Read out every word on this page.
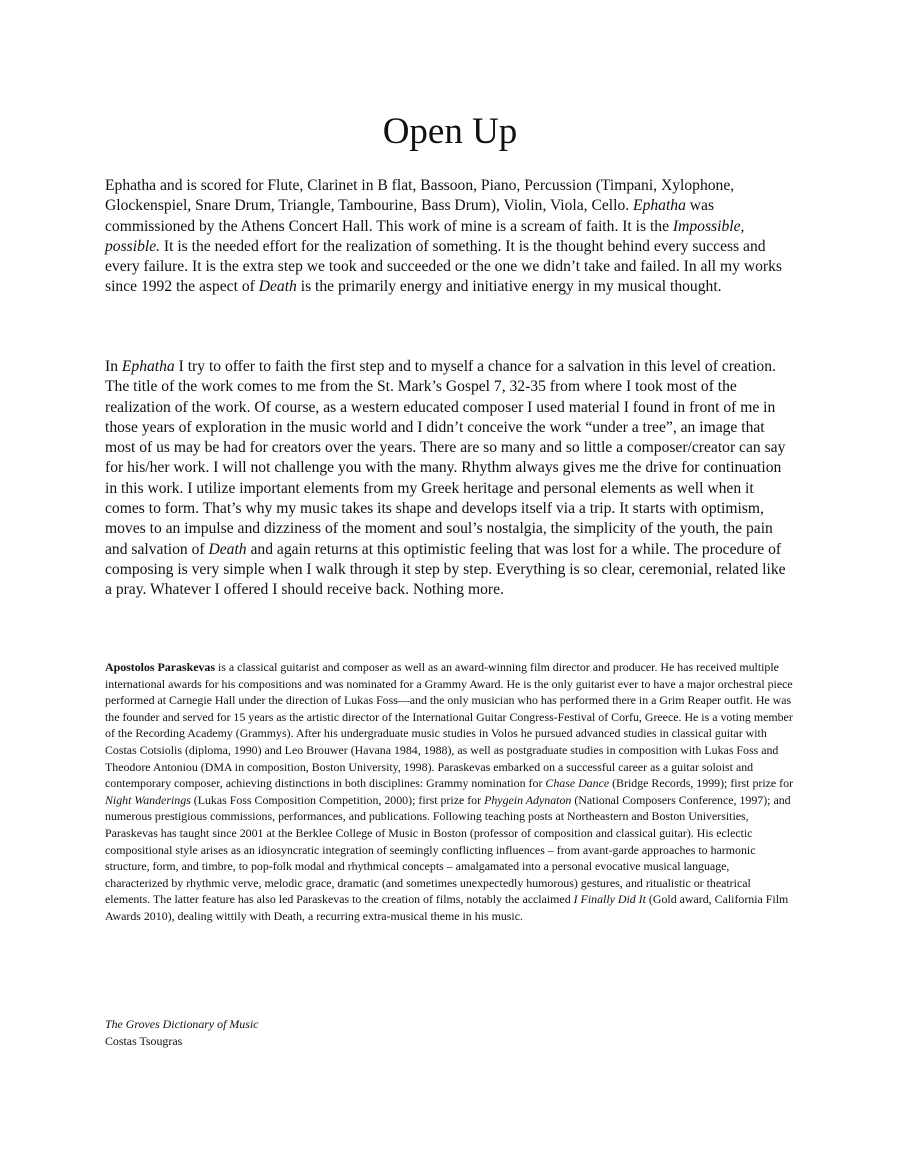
Open Up

Ephatha and is scored for Flute, Clarinet in B flat, Bassoon, Piano, Percussion (Timpani, Xylophone, Glockenspiel, Snare Drum, Triangle, Tambourine, Bass Drum), Violin, Viola, Cello. Ephatha was commissioned by the Athens Concert Hall. This work of mine is a scream of faith. It is the Impossible, possible. It is the needed effort for the realization of something. It is the thought behind every success and every failure. It is the extra step we took and succeeded or the one we didn’t take and failed. In all my works since 1992 the aspect of Death is the primarily energy and initiative energy in my musical thought.

In Ephatha I try to offer to faith the first step and to myself a chance for a salvation in this level of creation. The title of the work comes to me from the St. Mark’s Gospel 7, 32-35 from where I took most of the realization of the work. Of course, as a western educated composer I used material I found in front of me in those years of exploration in the music world and I didn’t conceive the work “under a tree”, an image that most of us may be had for creators over the years. There are so many and so little a composer/creator can say for his/her work. I will not challenge you with the many. Rhythm always gives me the drive for continuation in this work. I utilize important elements from my Greek heritage and personal elements as well when it comes to form. That’s why my music takes its shape and develops itself via a trip. It starts with optimism, moves to an impulse and dizziness of the moment and soul’s nostalgia, the simplicity of the youth, the pain and salvation of Death and again returns at this optimistic feeling that was lost for a while. The procedure of composing is very simple when I walk through it step by step. Everything is so clear, ceremonial, related like a pray. Whatever I offered I should receive back. Nothing more.

Apostolos Paraskevas is a classical guitarist and composer as well as an award-winning film director and producer. He has received multiple international awards for his compositions and was nominated for a Grammy Award. He is the only guitarist ever to have a major orchestral piece performed at Carnegie Hall under the direction of Lukas Foss—and the only musician who has performed there in a Grim Reaper outfit. He was the founder and served for 15 years as the artistic director of the International Guitar Congress-Festival of Corfu, Greece. He is a voting member of the Recording Academy (Grammys). After his undergraduate music studies in Volos he pursued advanced studies in classical guitar with Costas Cotsiolis (diploma, 1990) and Leo Brouwer (Havana 1984, 1988), as well as postgraduate studies in composition with Lukas Foss and Theodore Antoniou (DMA in composition, Boston University, 1998). Paraskevas embarked on a successful career as a guitar soloist and contemporary composer, achieving distinctions in both disciplines: Grammy nomination for Chase Dance (Bridge Records, 1999); first prize for Night Wanderings (Lukas Foss Composition Competition, 2000); first prize for Phygein Adynaton (National Composers Conference, 1997); and numerous prestigious commissions, performances, and publications. Following teaching posts at Northeastern and Boston Universities, Paraskevas has taught since 2001 at the Berklee College of Music in Boston (professor of composition and classical guitar). His eclectic compositional style arises as an idiosyncratic integration of seemingly conflicting influences – from avant-garde approaches to harmonic structure, form, and timbre, to pop-folk modal and rhythmical concepts – amalgamated into a personal evocative musical language, characterized by rhythmic verve, melodic grace, dramatic (and sometimes unexpectedly humorous) gestures, and ritualistic or theatrical elements. The latter feature has also led Paraskevas to the creation of films, notably the acclaimed I Finally Did It (Gold award, California Film Awards 2010), dealing wittily with Death, a recurring extra-musical theme in his music.

The Groves Dictionary of Music
Costas Tsougras
